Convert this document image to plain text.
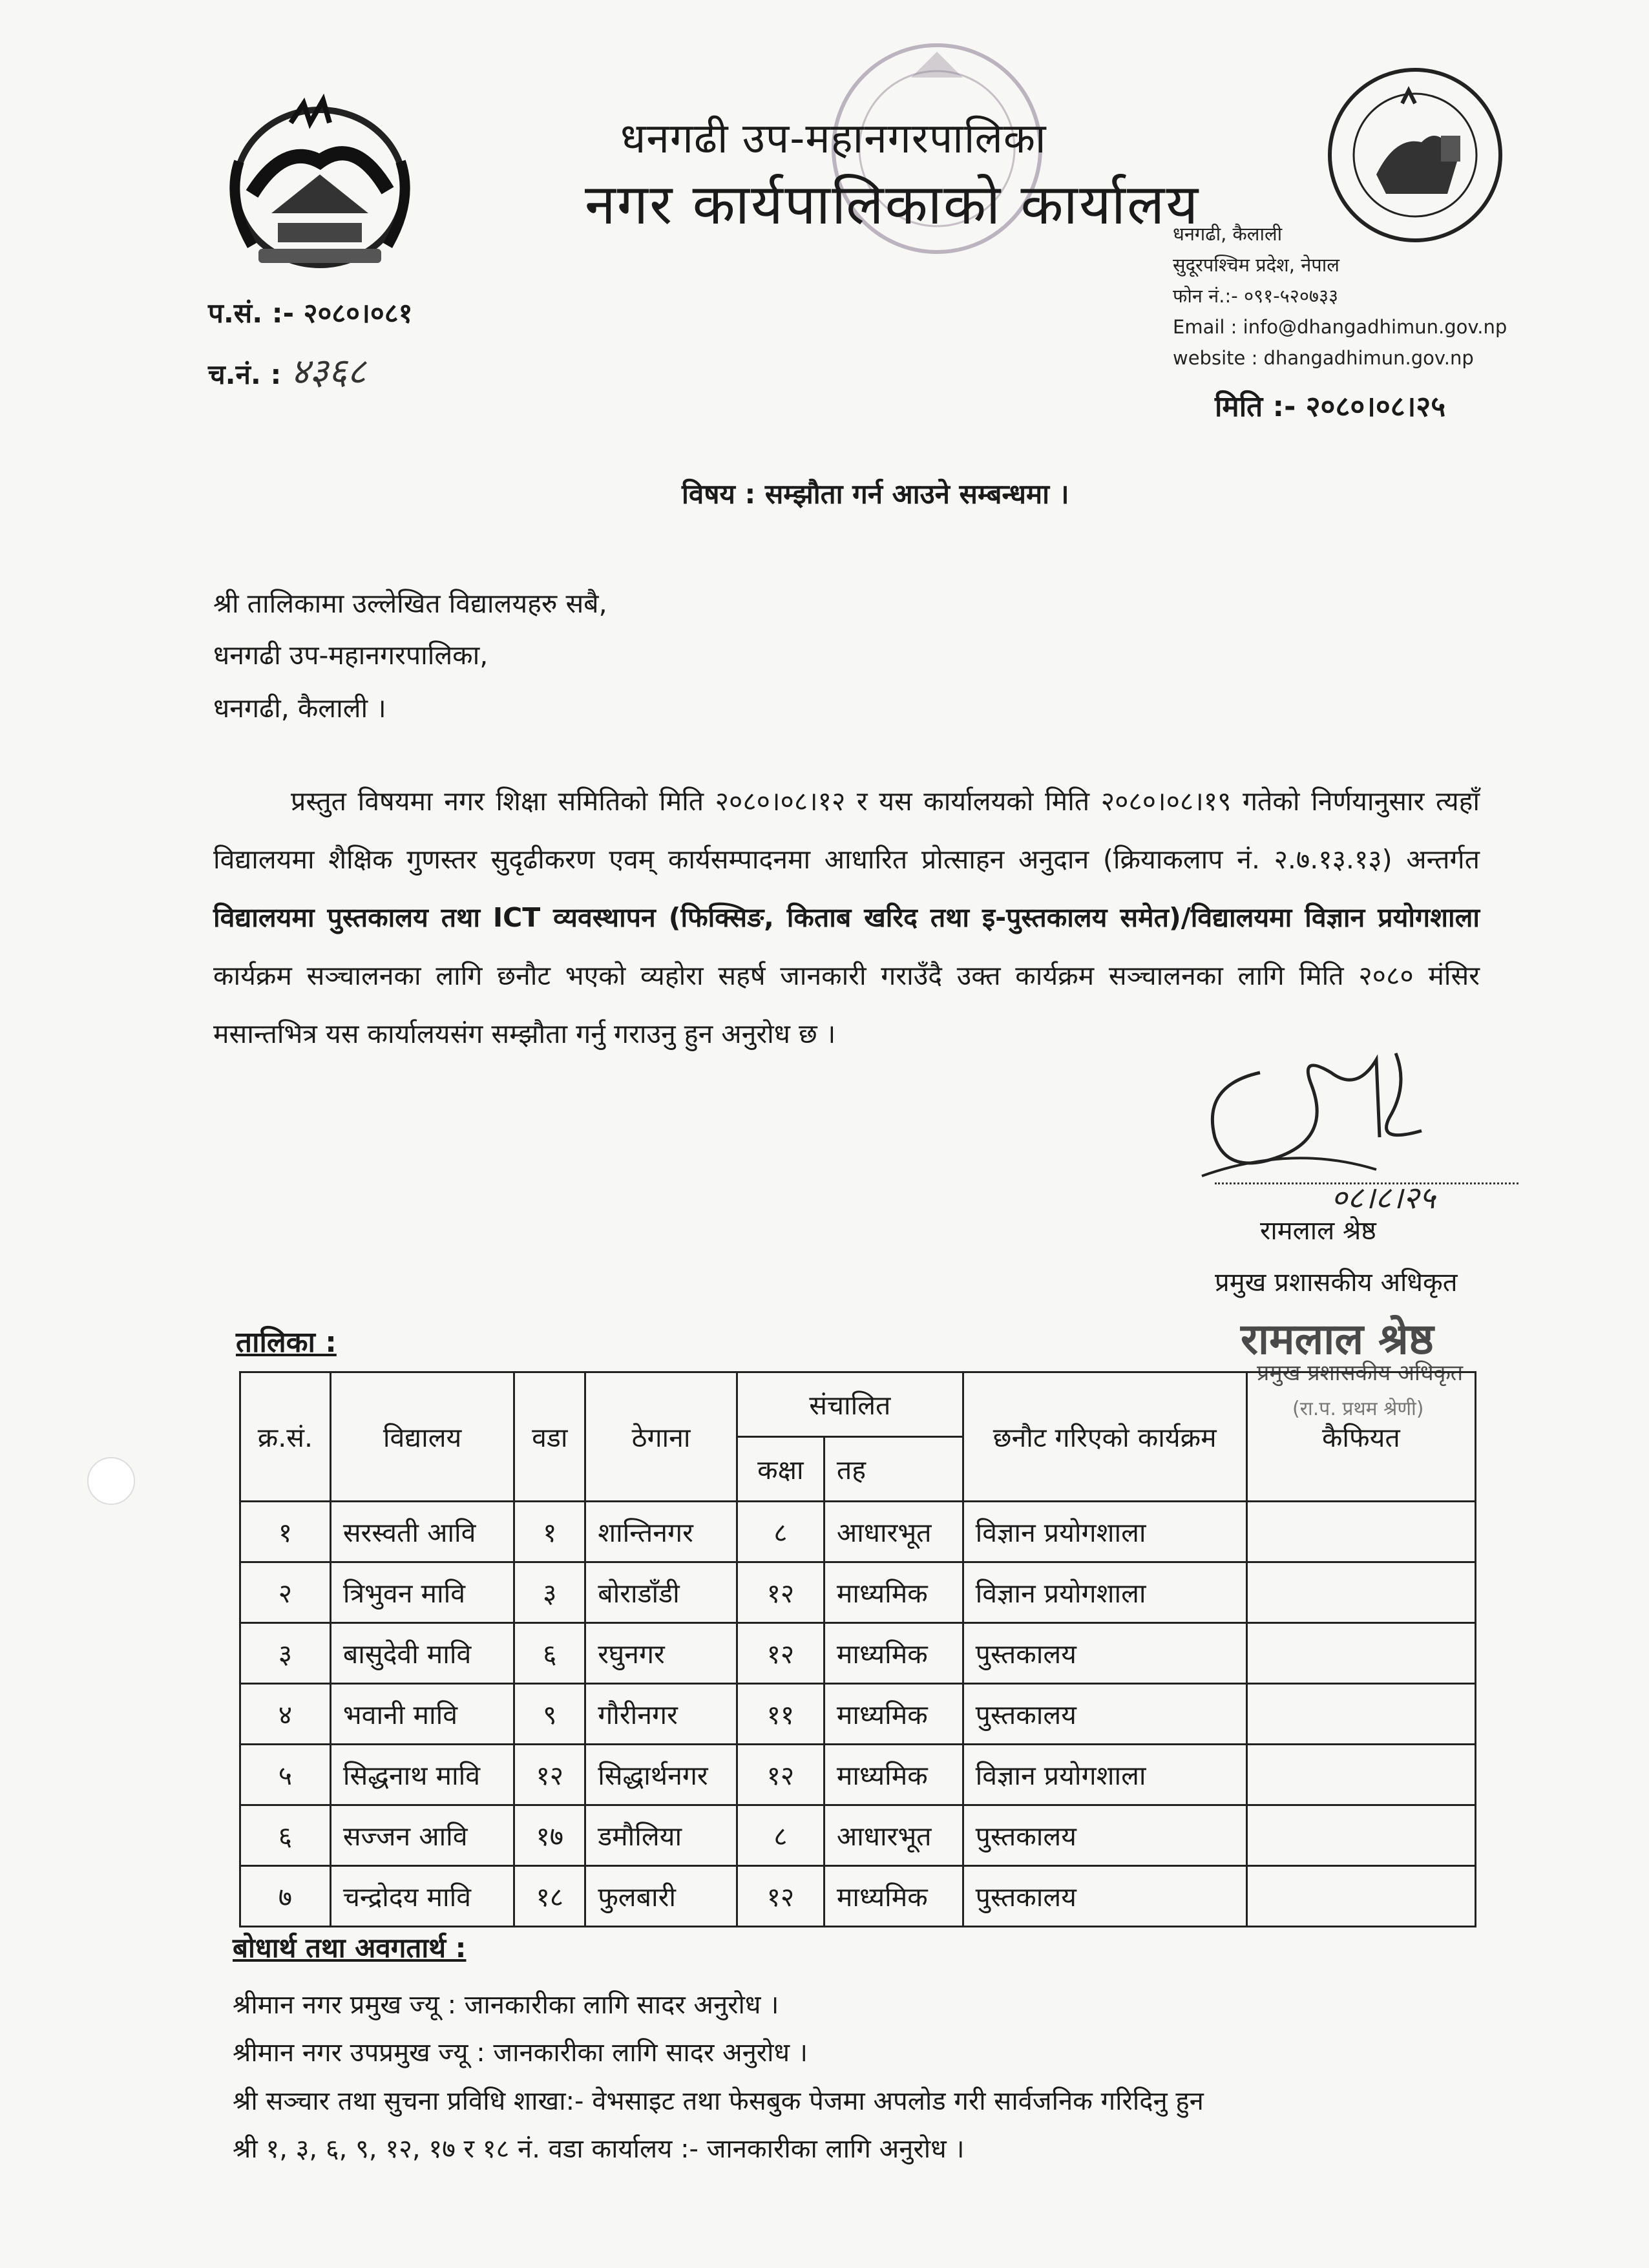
धनगढी उप-महानगरपालिका
नगर कार्यपालिकाको कार्यालय
धनगढी, कैलाली
सुदूरपश्चिम प्रदेश, नेपाल
फोन नं.:- ०९१-५२०७३३
Email : info@dhangadhimun.gov.np
website : dhangadhimun.gov.np
प.सं. :- २०८०।०८१
च.नं. : ४३६८
मिति :- २०८०।०८।२५
विषय : सम्झौता गर्न आउने सम्बन्धमा ।
श्री तालिकामा उल्लेखित विद्यालयहरु सबै,
धनगढी उप-महानगरपालिका,
धनगढी, कैलाली ।
प्रस्तुत विषयमा नगर शिक्षा समितिको मिति २०८०।०८।१२ र यस कार्यालयको मिति २०८०।०८।१९ गतेको निर्णयानुसार त्यहाँ विद्यालयमा शैक्षिक गुणस्तर सुदृढीकरण एवम् कार्यसम्पादनमा आधारित प्रोत्साहन अनुदान (क्रियाकलाप नं. २.७.१३.१३) अन्तर्गत विद्यालयमा पुस्तकालय तथा ICT व्यवस्थापन (फिक्सिङ, किताब खरिद तथा इ-पुस्तकालय समेत)/विद्यालयमा विज्ञान प्रयोगशाला कार्यक्रम सञ्चालनका लागि छनौट भएको व्यहोरा सहर्ष जानकारी गराउँदै उक्त कार्यक्रम सञ्चालनका लागि मिति २०८० मंसिर मसान्तभित्र यस कार्यालयसंग सम्झौता गर्नु गराउनु हुन अनुरोध छ ।
०८।८।२५
रामलाल श्रेष्ठ
प्रमुख प्रशासकीय अधिकृत
रामलाल श्रेष्ठ
प्रमुख प्रशासकीय अधिकृत
(रा.प. प्रथम श्रेणी)
तालिका :
क्र.सं.	विद्यालय	वडा	ठेगाना	संचालित		छनौट गरिएको कार्यक्रम	कैफियत
				कक्षा	तह		
१	सरस्वती आवि	१	शान्तिनगर	८	आधारभूत	विज्ञान प्रयोगशाला	
२	त्रिभुवन मावि	३	बोराडाँडी	१२	माध्यमिक	विज्ञान प्रयोगशाला	
३	बासुदेवी मावि	६	रघुनगर	१२	माध्यमिक	पुस्तकालय	
४	भवानी मावि	९	गौरीनगर	११	माध्यमिक	पुस्तकालय	
५	सिद्धनाथ मावि	१२	सिद्धार्थनगर	१२	माध्यमिक	विज्ञान प्रयोगशाला	
६	सज्जन आवि	१७	डमौलिया	८	आधारभूत	पुस्तकालय	
७	चन्द्रोदय मावि	१८	फुलबारी	१२	माध्यमिक	पुस्तकालय	
बोधार्थ तथा अवगतार्थ :
श्रीमान नगर प्रमुख ज्यू : जानकारीका लागि सादर अनुरोध ।
श्रीमान नगर उपप्रमुख ज्यू : जानकारीका लागि सादर अनुरोध ।
श्री सञ्चार तथा सुचना प्रविधि शाखा:- वेभसाइट तथा फेसबुक पेजमा अपलोड गरी सार्वजनिक गरिदिनु हुन
श्री १, ३, ६, ९, १२, १७ र १८ नं. वडा कार्यालय :- जानकारीका लागि अनुरोध ।
